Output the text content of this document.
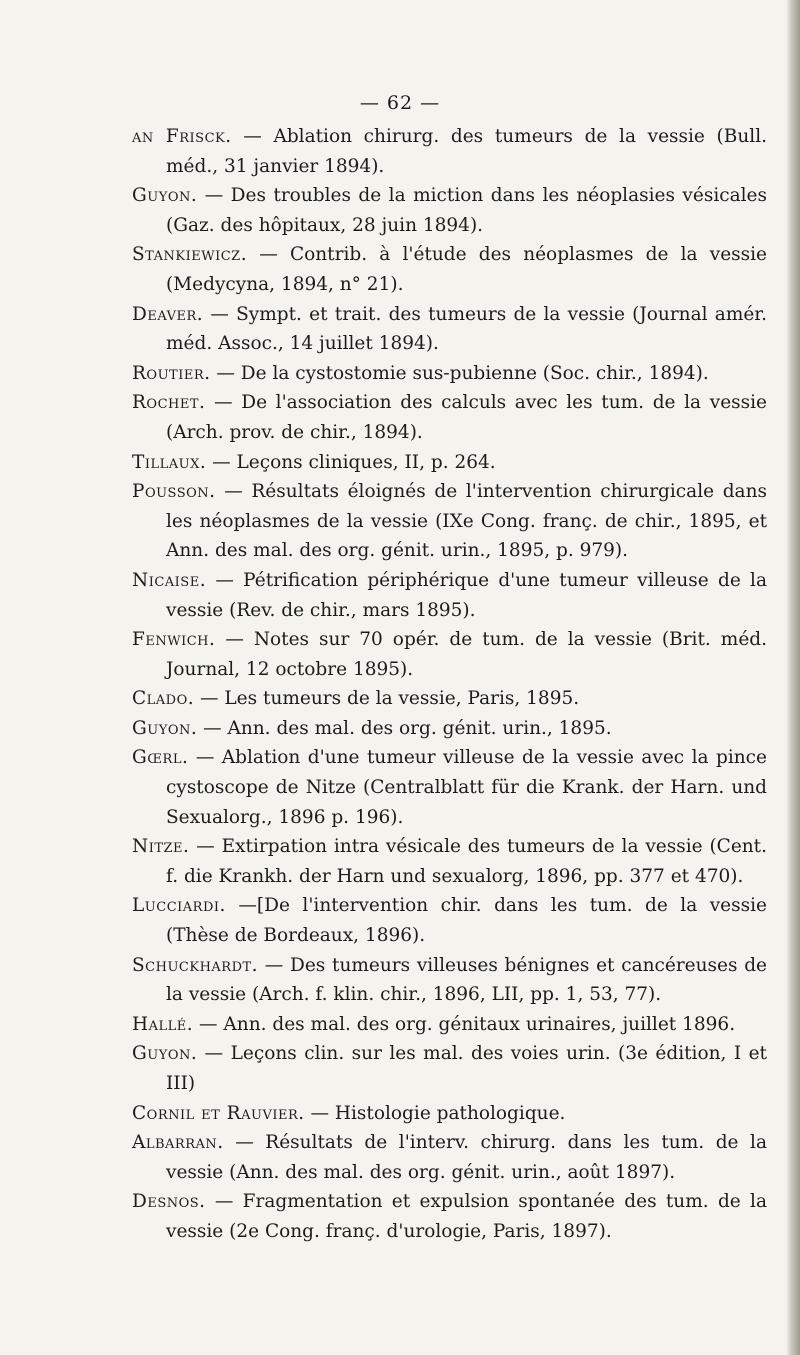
— 62 —
an Frisck. — Ablation chirurg. des tumeurs de la vessie (Bull. méd., 31 janvier 1894).
Guyon. — Des troubles de la miction dans les néoplasies vésicales (Gaz. des hôpitaux, 28 juin 1894).
Stankiewicz. — Contrib. à l'étude des néoplasmes de la vessie (Medycyna, 1894, n° 21).
Deaver. — Sympt. et trait. des tumeurs de la vessie (Journal amér. méd. Assoc., 14 juillet 1894).
Routier. — De la cystostomie sus-pubienne (Soc. chir., 1894).
Rochet. — De l'association des calculs avec les tum. de la vessie (Arch. prov. de chir., 1894).
Tillaux. — Leçons cliniques, II, p. 264.
Pousson. — Résultats éloignés de l'intervention chirurgicale dans les néoplasmes de la vessie (IXe Cong. franç. de chir., 1895, et Ann. des mal. des org. génit. urin., 1895, p. 979).
Nicaise. — Pétrification périphérique d'une tumeur villeuse de la vessie (Rev. de chir., mars 1895).
Fenwich. — Notes sur 70 opér. de tum. de la vessie (Brit. méd. Journal, 12 octobre 1895).
Clado. — Les tumeurs de la vessie, Paris, 1895.
Guyon. — Ann. des mal. des org. génit. urin., 1895.
Gœrl. — Ablation d'une tumeur villeuse de la vessie avec la pince cystoscope de Nitze (Centralblatt für die Krank. der Harn. und Sexualorg., 1896 p. 196).
Nitze. — Extirpation intra vésicale des tumeurs de la vessie (Cent. f. die Krankh. der Harn und sexualorg, 1896, pp. 377 et 470).
Lucciardi. —[De l'intervention chir. dans les tum. de la vessie (Thèse de Bordeaux, 1896).
Schuckhardt. — Des tumeurs villeuses bénignes et cancéreuses de la vessie (Arch. f. klin. chir., 1896, LII, pp. 1, 53, 77).
Hallé. — Ann. des mal. des org. génitaux urinaires, juillet 1896.
Guyon. — Leçons clin. sur les mal. des voies urin. (3e édition, I et III)
Cornil et Rauvier. — Histologie pathologique.
Albarran. — Résultats de l'interv. chirurg. dans les tum. de la vessie (Ann. des mal. des org. génit. urin., août 1897).
Desnos. — Fragmentation et expulsion spontanée des tum. de la vessie (2e Cong. franç. d'urologie, Paris, 1897).
